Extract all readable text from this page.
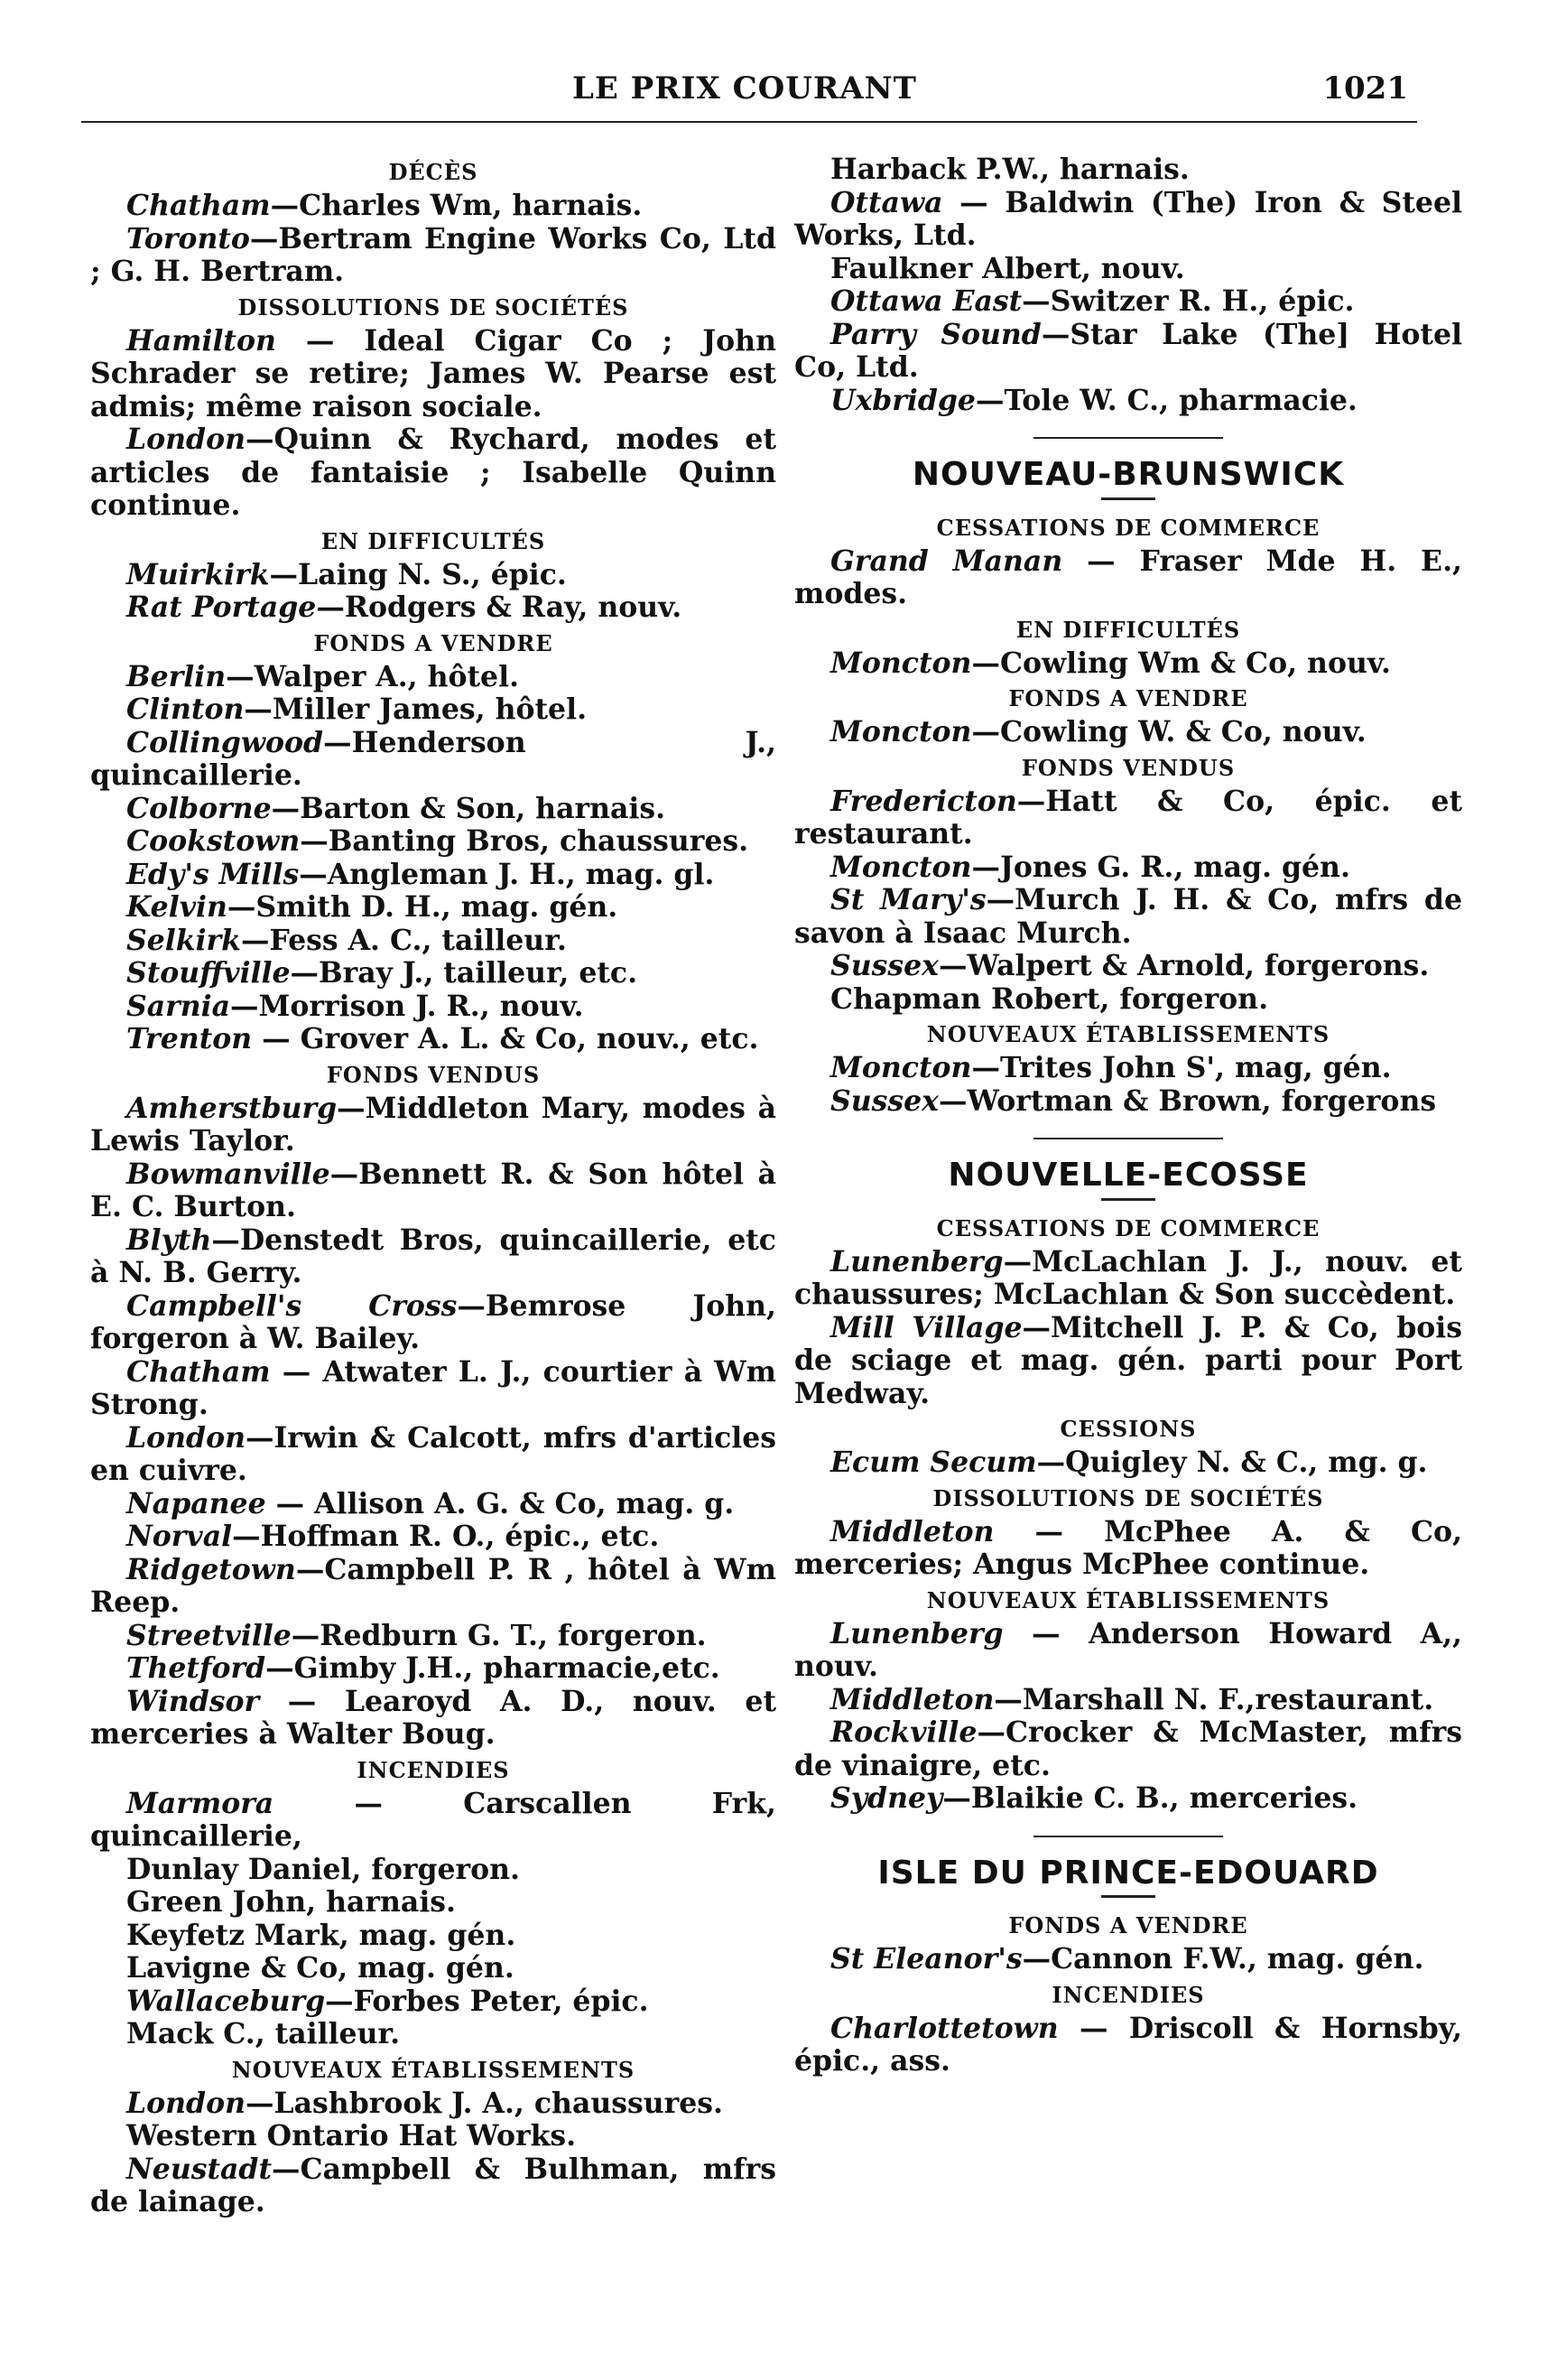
LE PRIX COURANT	1021
DÉCÈS
Chatham—Charles Wm, harnais.
Toronto—Bertram Engine Works Co, Ltd ; G. H. Bertram.
DISSOLUTIONS DE SOCIÉTÉS
Hamilton — Ideal Cigar Co ; John Schrader se retire; James W. Pearse est admis; même raison sociale.
London—Quinn & Rychard, modes et articles de fantaisie ; Isabelle Quinn continue.
EN DIFFICULTÉS
Muirkirk—Laing N. S., épic.
Rat Portage—Rodgers & Ray, nouv.
FONDS A VENDRE
Berlin—Walper A., hôtel.
Clinton—Miller James, hôtel.
Collingwood—Henderson J., quincaillerie.
Colborne—Barton & Son, harnais.
Cookstown—Banting Bros, chaussures.
Edy's Mills—Angleman J. H., mag. gl.
Kelvin—Smith D. H., mag. gén.
Selkirk—Fess A. C., tailleur.
Stouffville—Bray J., tailleur, etc.
Sarnia—Morrison J. R., nouv.
Trenton — Grover A. L. & Co, nouv., etc.
FONDS VENDUS
Amherstburg—Middleton Mary, modes à Lewis Taylor.
Bowmanville—Bennett R. & Son hôtel à E. C. Burton.
Blyth—Denstedt Bros, quincaillerie, etc à N. B. Gerry.
Campbell's Cross—Bemrose John, forgeron à W. Bailey.
Chatham — Atwater L. J., courtier à Wm Strong.
London—Irwin & Calcott, mfrs d'articles en cuivre.
Napanee — Allison A. G. & Co, mag. g.
Norval—Hoffman R. O., épic., etc.
Ridgetown—Campbell P. R , hôtel à Wm Reep.
Streetville—Redburn G. T., forgeron.
Thetford—Gimby J.H., pharmacie,etc.
Windsor — Learoyd A. D., nouv. et merceries à Walter Boug.
INCENDIES
Marmora — Carscallen Frk, quincaillerie,
Dunlay Daniel, forgeron.
Green John, harnais.
Keyfetz Mark, mag. gén.
Lavigne & Co, mag. gén.
Wallaceburg—Forbes Peter, épic.
Mack C., tailleur.
NOUVEAUX ÉTABLISSEMENTS
London—Lashbrook J. A., chaussures.
Western Ontario Hat Works.
Neustadt—Campbell & Bulhman, mfrs de lainage.
Harback P.W., harnais.
Ottawa — Baldwin (The) Iron & Steel Works, Ltd.
Faulkner Albert, nouv.
Ottawa East—Switzer R. H., épic.
Parry Sound—Star Lake (The] Hotel Co, Ltd.
Uxbridge—Tole W. C., pharmacie.
NOUVEAU-BRUNSWICK
CESSATIONS DE COMMERCE
Grand Manan — Fraser Mde H. E., modes.
EN DIFFICULTÉS
Moncton—Cowling Wm & Co, nouv.
FONDS A VENDRE
Moncton—Cowling W. & Co, nouv.
FONDS VENDUS
Fredericton—Hatt & Co, épic. et restaurant.
Moncton—Jones G. R., mag. gén.
St Mary's—Murch J. H. & Co, mfrs de savon à Isaac Murch.
Sussex—Walpert & Arnold, forgerons.
Chapman Robert, forgeron.
NOUVEAUX ÉTABLISSEMENTS
Moncton—Trites John S', mag, gén.
Sussex—Wortman & Brown, forgerons
NOUVELLE-ECOSSE
CESSATIONS DE COMMERCE
Lunenberg—McLachlan J. J., nouv. et chaussures; McLachlan & Son succèdent.
Mill Village—Mitchell J. P. & Co, bois de sciage et mag. gén. parti pour Port Medway.
CESSIONS
Ecum Secum—Quigley N. & C., mg. g.
DISSOLUTIONS DE SOCIÉTÉS
Middleton — McPhee A. & Co, merceries; Angus McPhee continue.
NOUVEAUX ÉTABLISSEMENTS
Lunenberg — Anderson Howard A,, nouv.
Middleton—Marshall N. F.,restaurant.
Rockville—Crocker & McMaster, mfrs de vinaigre, etc.
Sydney—Blaikie C. B., merceries.
ISLE DU PRINCE-EDOUARD
FONDS A VENDRE
St Eleanor's—Cannon F.W., mag. gén.
INCENDIES
Charlottetown — Driscoll & Hornsby, épic., ass.
